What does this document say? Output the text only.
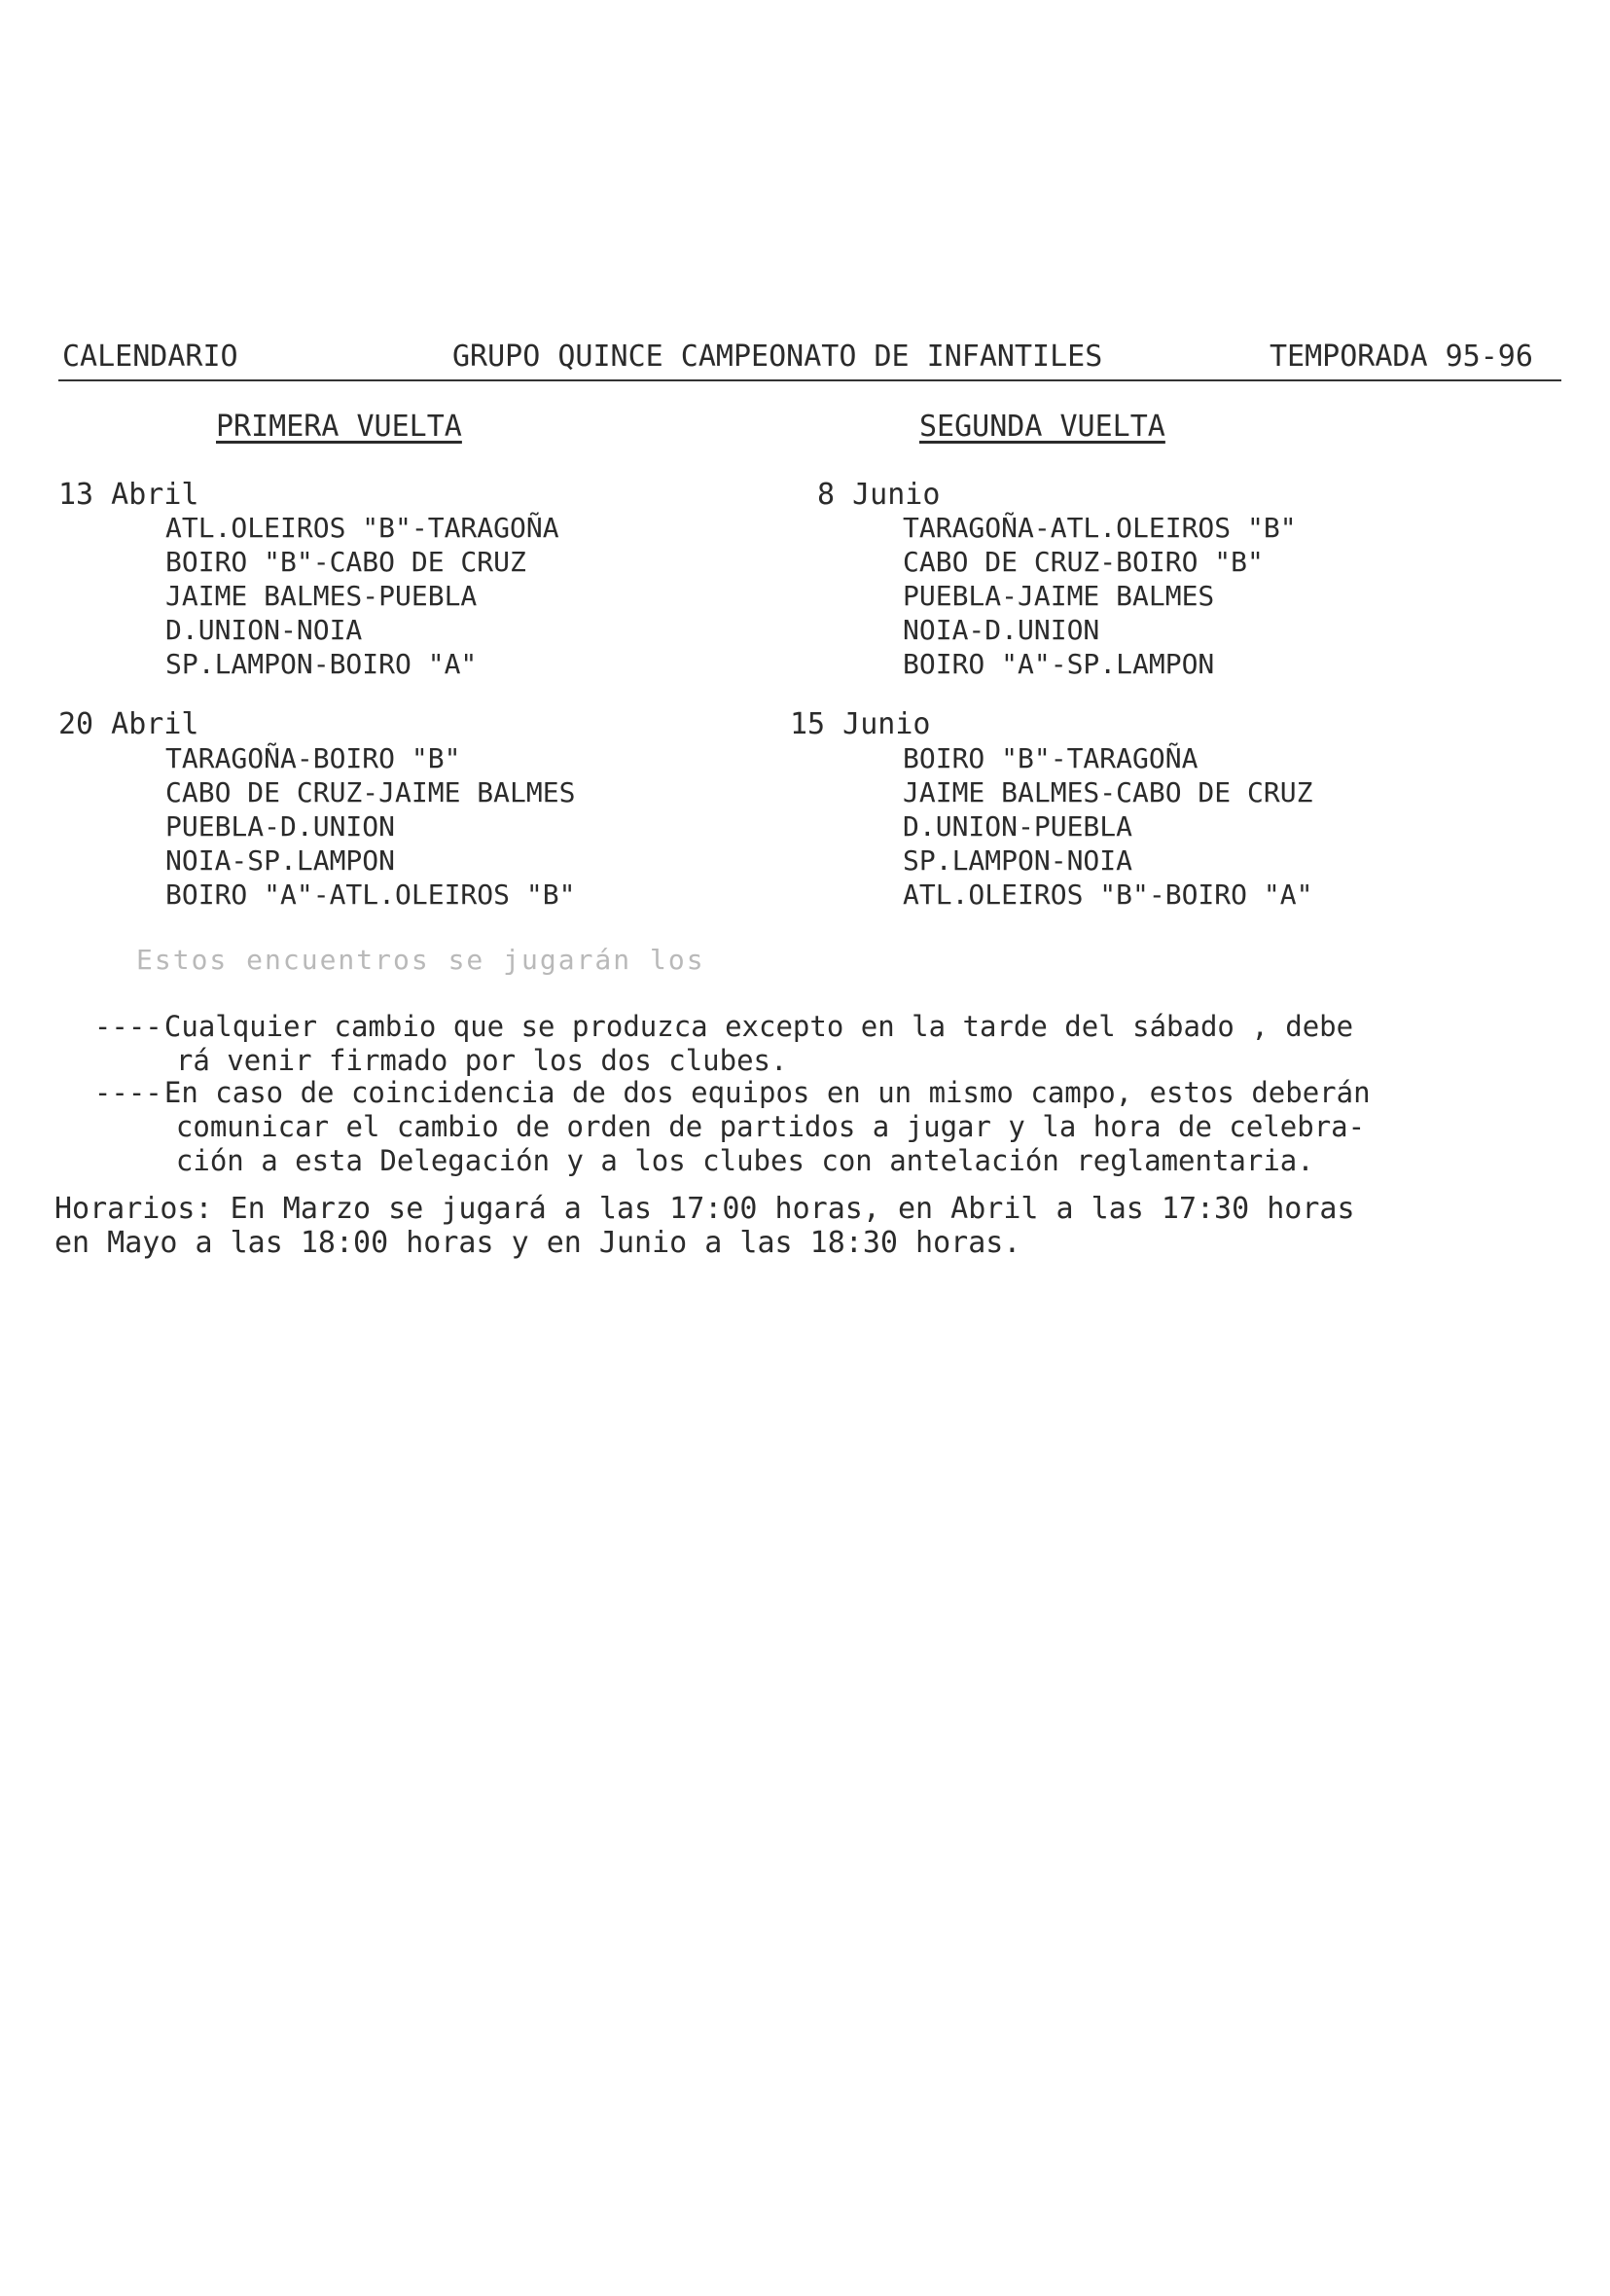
CALENDARIO

	GRUPO QUINCE CAMPEONATO DE INFANTILES

	TEMPORADA 95-96

PRIMERA VUELTA	SEGUNDA VUELTA
13 Abril
ATL.OLEIROS "B"-TARAGOÑA
BOIRO "B"-CABO DE CRUZ
JAIME BALMES-PUEBLA
D.UNION-NOIA
SP.LAMPON-BOIRO "A"
20 Abril
TARAGOÑA-BOIRO "B"
CABO DE CRUZ-JAIME BALMES
PUEBLA-D.UNION
NOIA-SP.LAMPON
BOIRO "A"-ATL.OLEIROS "B"
8 Junio
TARAGOÑA-ATL.OLEIROS "B"
CABO DE CRUZ-BOIRO "B"
PUEBLA-JAIME BALMES
NOIA-D.UNION
BOIRO "A"-SP.LAMPON
15 Junio
BOIRO "B"-TARAGOÑA
JAIME BALMES-CABO DE CRUZ
D.UNION-PUEBLA
SP.LAMPON-NOIA
ATL.OLEIROS "B"-BOIRO "A"
Estos encuentros se jugarán los

----Cualquier cambio que se produzca excepto en la tarde del sábado , debe

rá venir firmado por los dos clubes.

----En caso de coincidencia de dos equipos en un mismo campo, estos deberán

comunicar el cambio de orden de partidos a jugar y la hora de celebra-

ción a esta Delegación y a los clubes con antelación reglamentaria.

Horarios: En Marzo se jugará a las 17:00 horas, en Abril a las 17:30 horas
en Mayo a las 18:00 horas y en Junio a las 18:30 horas.
